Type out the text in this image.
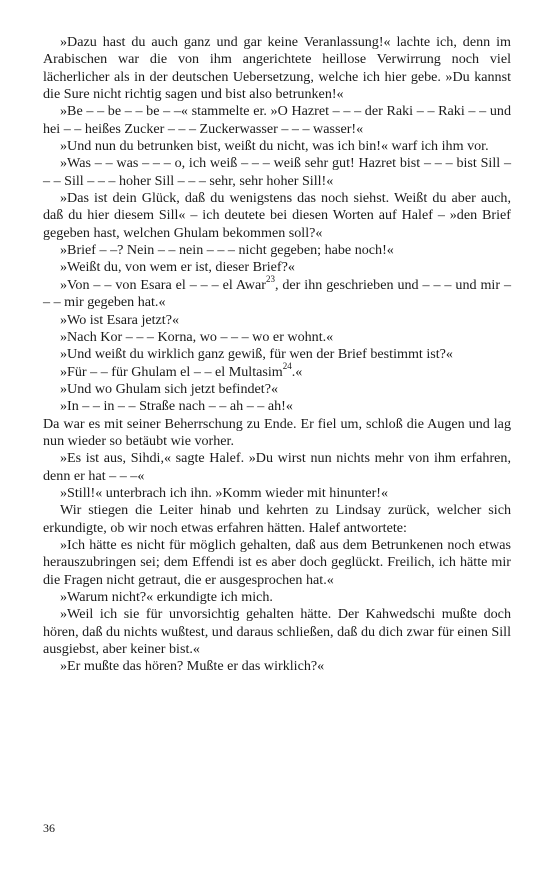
»Dazu hast du auch ganz und gar keine Veranlassung!« lachte ich, denn im Arabischen war die von ihm angerichtete heillose Verwirrung noch viel lächerlicher als in der deutschen Uebersetzung, welche ich hier gebe. »Du kannst die Sure nicht richtig sagen und bist also betrunken!«

»Be – – be – – be – –« stammelte er. »O Hazret – – – der Raki – – Raki – – und hei – – heißes Zucker – – – Zuckerwasser – – – wasser!«

»Und nun du betrunken bist, weißt du nicht, was ich bin!« warf ich ihm vor.

»Was – – was – – – o, ich weiß – – – weiß sehr gut! Hazret bist – – – bist Sill – – – Sill – – – hoher Sill – – – sehr, sehr hoher Sill!«

»Das ist dein Glück, daß du wenigstens das noch siehst. Weißt du aber auch, daß du hier diesem Sill« – ich deutete bei diesen Worten auf Halef – »den Brief gegeben hast, welchen Ghulam bekommen soll?«

»Brief – –? Nein – – nein – – – nicht gegeben; habe noch!«

»Weißt du, von wem er ist, dieser Brief?«

»Von – – von Esara el – – – el Awar$^{23}$, der ihn geschrieben und – – – und mir – – – mir gegeben hat.«

»Wo ist Esara jetzt?«

»Nach Kor – – – Korna, wo – – – wo er wohnt.«

»Und weißt du wirklich ganz gewiß, für wen der Brief bestimmt ist?«

»Für – – für Ghulam el – – el Multasim$^{24}$.«

»Und wo Ghulam sich jetzt befindet?«

»In – – in – – Straße nach – – ah – – ah!«

Da war es mit seiner Beherrschung zu Ende. Er fiel um, schloß die Augen und lag nun wieder so betäubt wie vorher.

»Es ist aus, Sihdi,« sagte Halef. »Du wirst nun nichts mehr von ihm erfahren, denn er hat – – –«

»Still!« unterbrach ich ihn. »Komm wieder mit hinunter!«

Wir stiegen die Leiter hinab und kehrten zu Lindsay zurück, welcher sich erkundigte, ob wir noch etwas erfahren hätten. Halef antwortete:

»Ich hätte es nicht für möglich gehalten, daß aus dem Betrunkenen noch etwas herauszubringen sei; dem Effendi ist es aber doch geglückt. Freilich, ich hätte mir die Fragen nicht getraut, die er ausgesprochen hat.«

»Warum nicht?« erkundigte ich mich.

»Weil ich sie für unvorsichtig gehalten hätte. Der Kahwedschi mußte doch hören, daß du nichts wußtest, und daraus schließen, daß du dich zwar für einen Sill ausgiebst, aber keiner bist.«

»Er mußte das hören? Mußte er das wirklich?«

36
